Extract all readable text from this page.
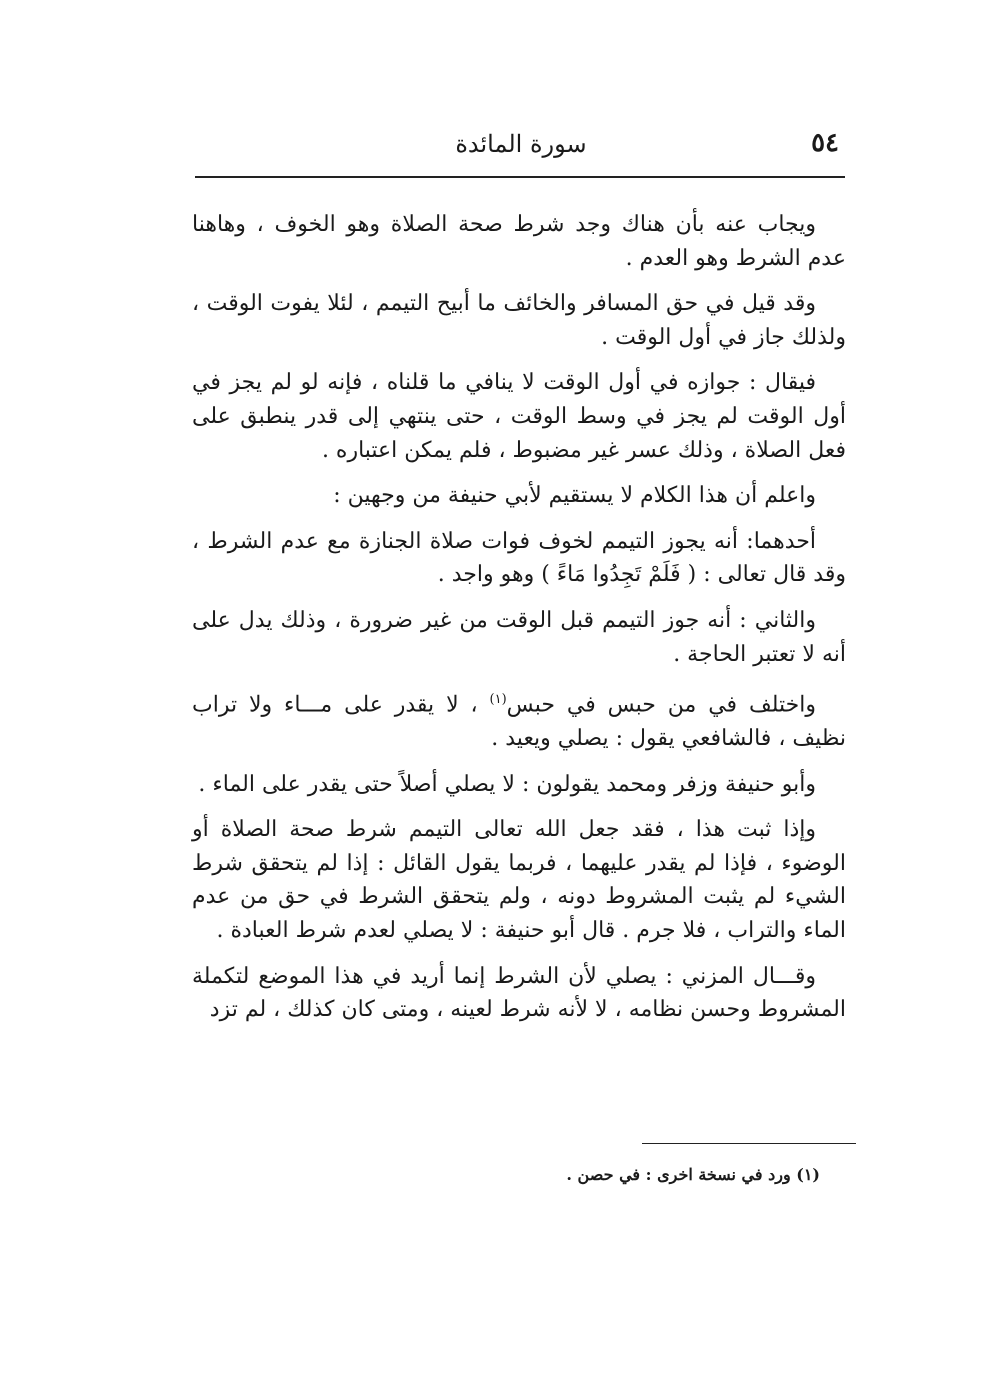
٥٤
سورة المائدة

ويجاب عنه بأن هناك وجد شرط صحة الصلاة وهو الخوف ، وهاهنا عدم الشرط وهو العدم .

وقد قيل في حق المسافر والخائف ما أبيح التيمم ، لئلا يفوت الوقت ، ولذلك جاز في أول الوقت .

فيقال : جوازه في أول الوقت لا ينافي ما قلناه ، فإنه لو لم يجز في أول الوقت لم يجز في وسط الوقت ، حتى ينتهي إلى قدر ينطبق على فعل الصلاة ، وذلك عسر غير مضبوط ، فلم يمكن اعتباره .

واعلم أن هذا الكلام لا يستقيم لأبي حنيفة من وجهين :

أحدهما: أنه يجوز التيمم لخوف فوات صلاة الجنازة مع عدم الشرط ، وقد قال تعالى : ( فَلَمْ تَجِدُوا مَاءً ) وهو واجد .

والثاني : أنه جوز التيمم قبل الوقت من غير ضرورة ، وذلك يدل على أنه لا تعتبر الحاجة .

واختلف في من حبس في حبس$^{(١)}$ ، لا يقدر على مـــاء ولا تراب نظيف ، فالشافعي يقول : يصلي ويعيد .

وأبو حنيفة وزفر ومحمد يقولون : لا يصلي أصلاً حتى يقدر على الماء .

وإذا ثبت هذا ، فقد جعل الله تعالى التيمم شرط صحة الصلاة أو الوضوء ، فإذا لم يقدر عليهما ، فربما يقول القائل : إذا لم يتحقق شرط الشيء لم يثبت المشروط دونه ، ولم يتحقق الشرط في حق من عدم الماء والتراب ، فلا جرم . قال أبو حنيفة : لا يصلي لعدم شرط العبادة .

وقـــال المزني : يصلي لأن الشرط إنما أريد في هذا الموضع لتكملة المشروط وحسن نظامه ، لا لأنه شرط لعينه ، ومتى كان كذلك ، لم تزد

(١) ورد في نسخة اخرى : في حصن .
